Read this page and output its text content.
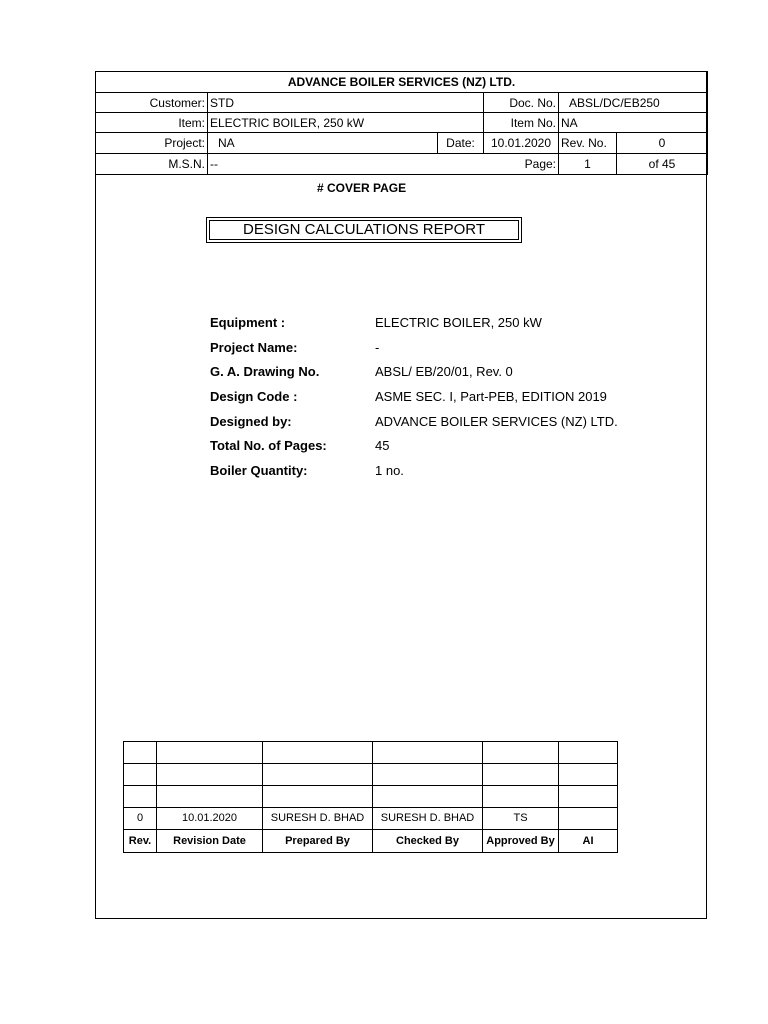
ADVANCE BOILER SERVICES (NZ) LTD.					
Customer:	STD		Doc. No.	ABSL/DC/EB250	
Item:	ELECTRIC BOILER, 250 kW		Item No.	NA	
Project:	NA	Date:	10.01.2020	Rev. No.	0
M.S.N.	--		Page:	1	of 45
# COVER PAGE
DESIGN CALCULATIONS REPORT
Equipment :	ELECTRIC BOILER, 250 kW
Project Name:	-
G. A. Drawing No.	ABSL/ EB/20/01, Rev. 0
Design Code :	ASME SEC. I, Part-PEB, EDITION 2019
Designed by:	ADVANCE BOILER SERVICES (NZ) LTD.
Total No. of Pages:	45
Boiler Quantity:	1 no.

0	10.01.2020	SURESH D. BHAD	SURESH D. BHAD	TS	
Rev.	Revision Date	Prepared By	Checked By	Approved By	AI
